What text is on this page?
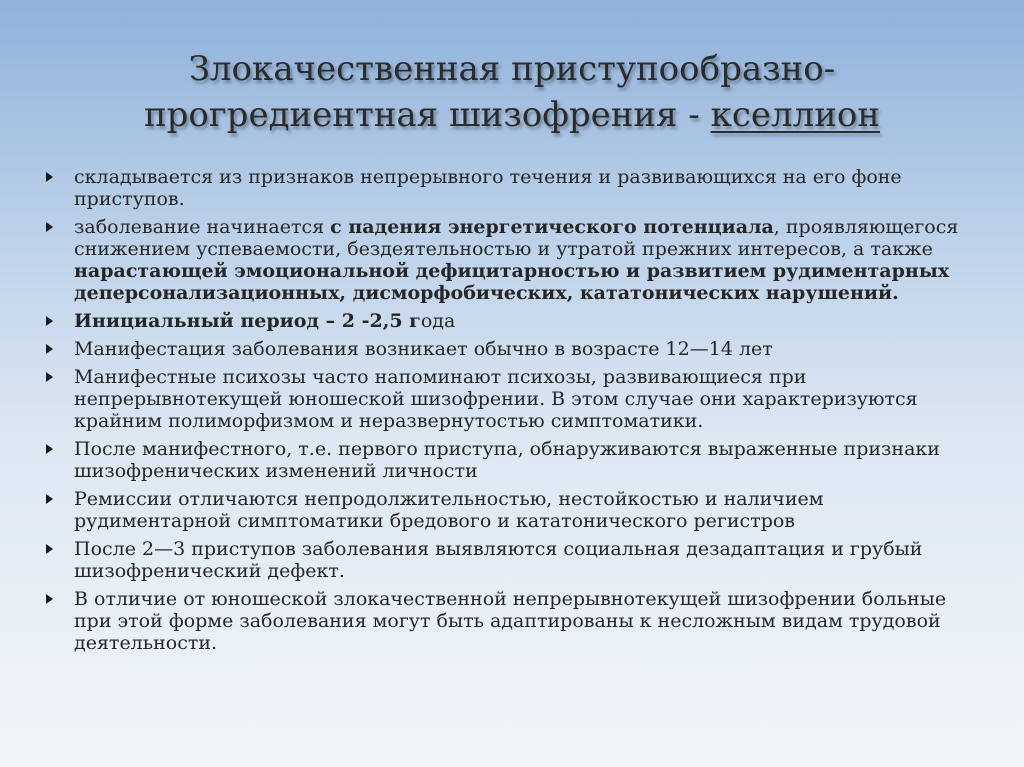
Злокачественная приступообразно-
прогредиентная шизофрения - кселлион
складывается из признаков непрерывного течения и развивающихся на его фоне приступов.
заболевание начинается с падения энергетического потенциала, проявляющегося снижением успеваемости, бездеятельностью и утратой прежних интересов, а также нарастающей эмоциональной дефицитарностью и развитием рудиментарных деперсонализационных, дисморфобических, кататонических нарушений.
Инициальный период – 2 -2,5 года
Манифестация заболевания возникает обычно в возрасте 12—14 лет
Манифестные психозы часто напоминают психозы, развивающиеся при непрерывнотекущей юношеской шизофрении. В этом случае они характеризуются крайним полиморфизмом и неразвернутостью симптоматики.
После манифестного, т.е. первого приступа, обнаруживаются выраженные признаки шизофренических изменений личности
Ремиссии отличаются непродолжительностью, нестойкостью и наличием рудиментарной симптоматики бредового и кататонического регистров
После 2—3 приступов заболевания выявляются социальная дезадаптация и грубый шизофренический дефект.
В отличие от юношеской злокачественной непрерывнотекущей шизофрении больные при этой форме заболевания могут быть адаптированы к несложным видам трудовой деятельности.
